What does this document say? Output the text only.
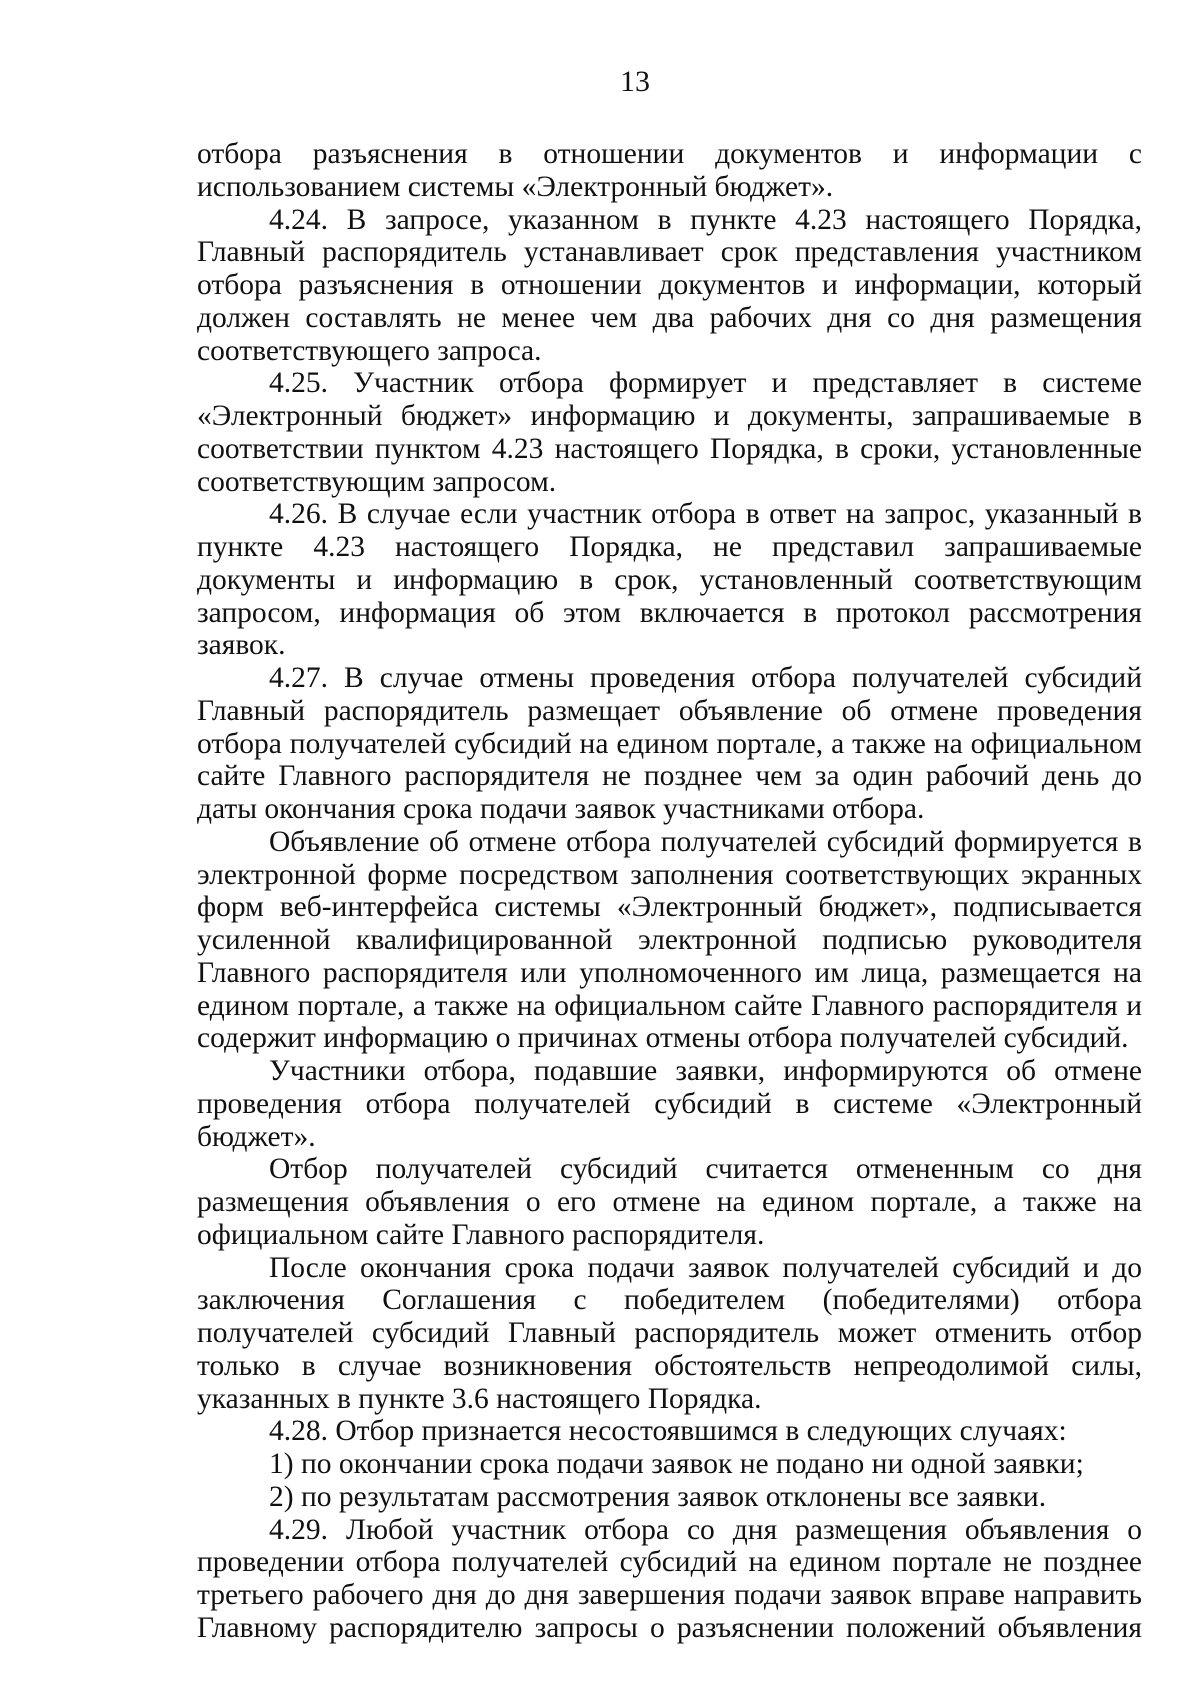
13

отбора разъяснения в отношении документов и информации с использованием системы «Электронный бюджет».

4.24. В запросе, указанном в пункте 4.23 настоящего Порядка, Главный распорядитель устанавливает срок представления участником отбора разъяснения в отношении документов и информации, который должен составлять не менее чем два рабочих дня со дня размещения соответствующего запроса.

4.25. Участник отбора формирует и представляет в системе «Электронный бюджет» информацию и документы, запрашиваемые в соответствии пунктом 4.23 настоящего Порядка, в сроки, установленные соответствующим запросом.

4.26. В случае если участник отбора в ответ на запрос, указанный в пункте 4.23 настоящего Порядка, не представил запрашиваемые документы и информацию в срок, установленный соответствующим запросом, информация об этом включается в протокол рассмотрения заявок.

4.27. В случае отмены проведения отбора получателей субсидий Главный распорядитель размещает объявление об отмене проведения отбора получателей субсидий на едином портале, а также на официальном сайте Главного распорядителя не позднее чем за один рабочий день до даты окончания срока подачи заявок участниками отбора.

Объявление об отмене отбора получателей субсидий формируется в электронной форме посредством заполнения соответствующих экранных форм веб-интерфейса системы «Электронный бюджет», подписывается усиленной квалифицированной электронной подписью руководителя Главного распорядителя или уполномоченного им лица, размещается на едином портале, а также на официальном сайте Главного распорядителя и содержит информацию о причинах отмены отбора получателей субсидий.

Участники отбора, подавшие заявки, информируются об отмене проведения отбора получателей субсидий в системе «Электронный бюджет».

Отбор получателей субсидий считается отмененным со дня размещения объявления о его отмене на едином портале, а также на официальном сайте Главного распорядителя.

После окончания срока подачи заявок получателей субсидий и до заключения Соглашения с победителем (победителями) отбора получателей субсидий Главный распорядитель может отменить отбор только в случае возникновения обстоятельств непреодолимой силы, указанных в пункте 3.6 настоящего Порядка.

4.28. Отбор признается несостоявшимся в следующих случаях:

1) по окончании срока подачи заявок не подано ни одной заявки;

2) по результатам рассмотрения заявок отклонены все заявки.

4.29. Любой участник отбора со дня размещения объявления о проведении отбора получателей субсидий на едином портале не позднее третьего рабочего дня до дня завершения подачи заявок вправе направить Главному распорядителю запросы о разъяснении положений объявления
